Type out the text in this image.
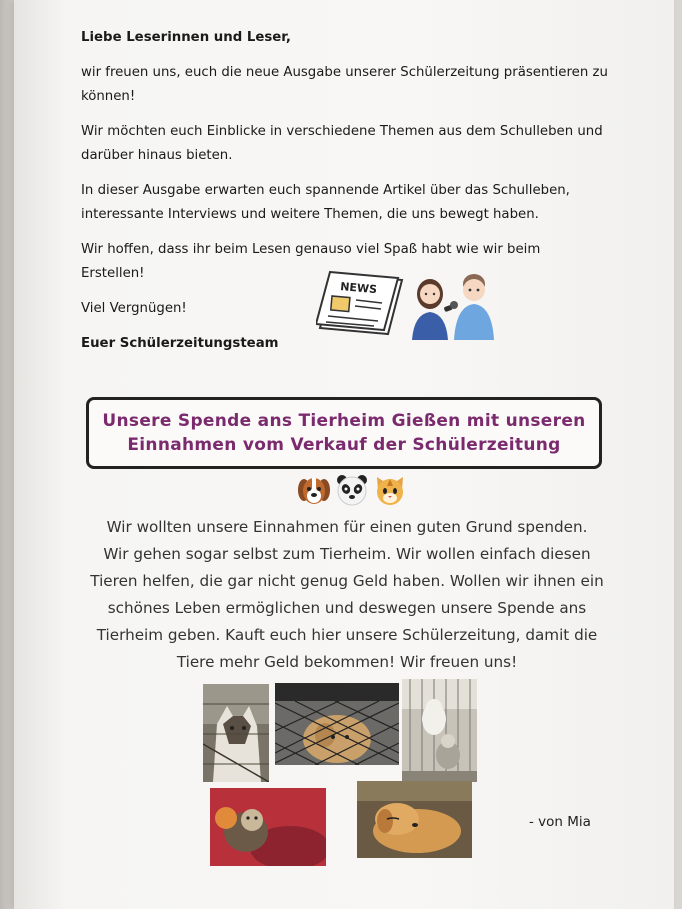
Liebe Leserinnen und Leser,

wir freuen uns, euch die neue Ausgabe unserer Schülerzeitung präsentieren zu
können!

Wir möchten euch Einblicke in verschiedene Themen aus dem Schulleben und
darüber hinaus bieten.

In dieser Ausgabe erwarten euch spannende Artikel über das Schulleben,
interessante Interviews und weitere Themen, die uns bewegt haben.

Wir hoffen, dass ihr beim Lesen genauso viel Spaß habt wie wir beim
Erstellen!

Viel Vergnügen!

Euer Schülerzeitungsteam

NEWS
Unsere Spende ans Tierheim Gießen mit unseren
Einnahmen vom Verkauf der Schülerzeitung
Wir wollten unsere Einnahmen für einen guten Grund spenden.
Wir gehen sogar selbst zum Tierheim. Wir wollen einfach diesen
Tieren helfen, die gar nicht genug Geld haben. Wollen wir ihnen ein
schönes Leben ermöglichen und deswegen unsere Spende ans
Tierheim geben. Kauft euch hier unsere Schülerzeitung, damit die
Tiere mehr Geld bekommen! Wir freuen uns!
- von Mia
